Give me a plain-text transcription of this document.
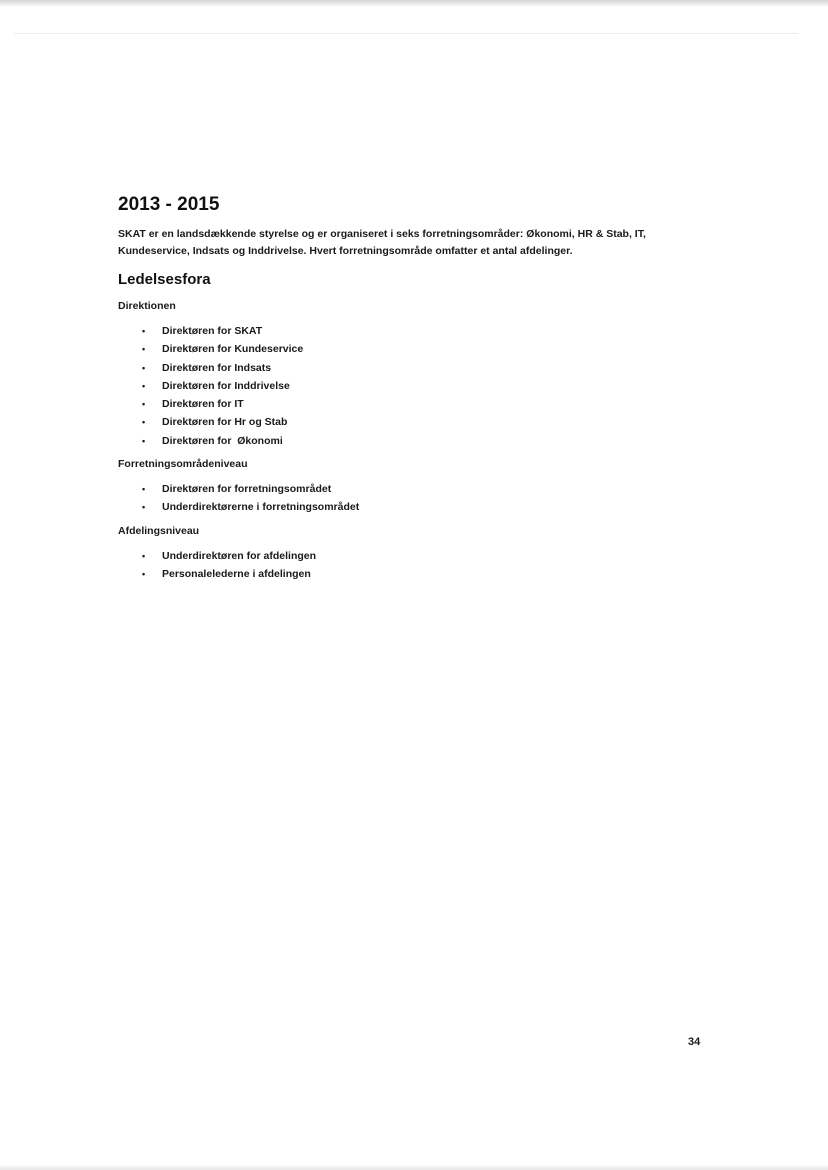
2013 - 2015

SKAT er en landsdækkende styrelse og er organiseret i seks forretningsområder: Økonomi, HR & Stab, IT, Kundeservice, Indsats og Inddrivelse. Hvert forretningsområde omfatter et antal afdelinger.

Ledelsesfora
Direktionen
• Direktøren for SKAT
• Direktøren for Kundeservice
• Direktøren for Indsats
• Direktøren for Inddrivelse
• Direktøren for IT
• Direktøren for Hr og Stab
• Direktøren for  Økonomi
Forretningsområdeniveau
• Direktøren for forretningsområdet
• Underdirektørerne i forretningsområdet
Afdelingsniveau
• Underdirektøren for afdelingen
• Personalelederne i afdelingen
34
